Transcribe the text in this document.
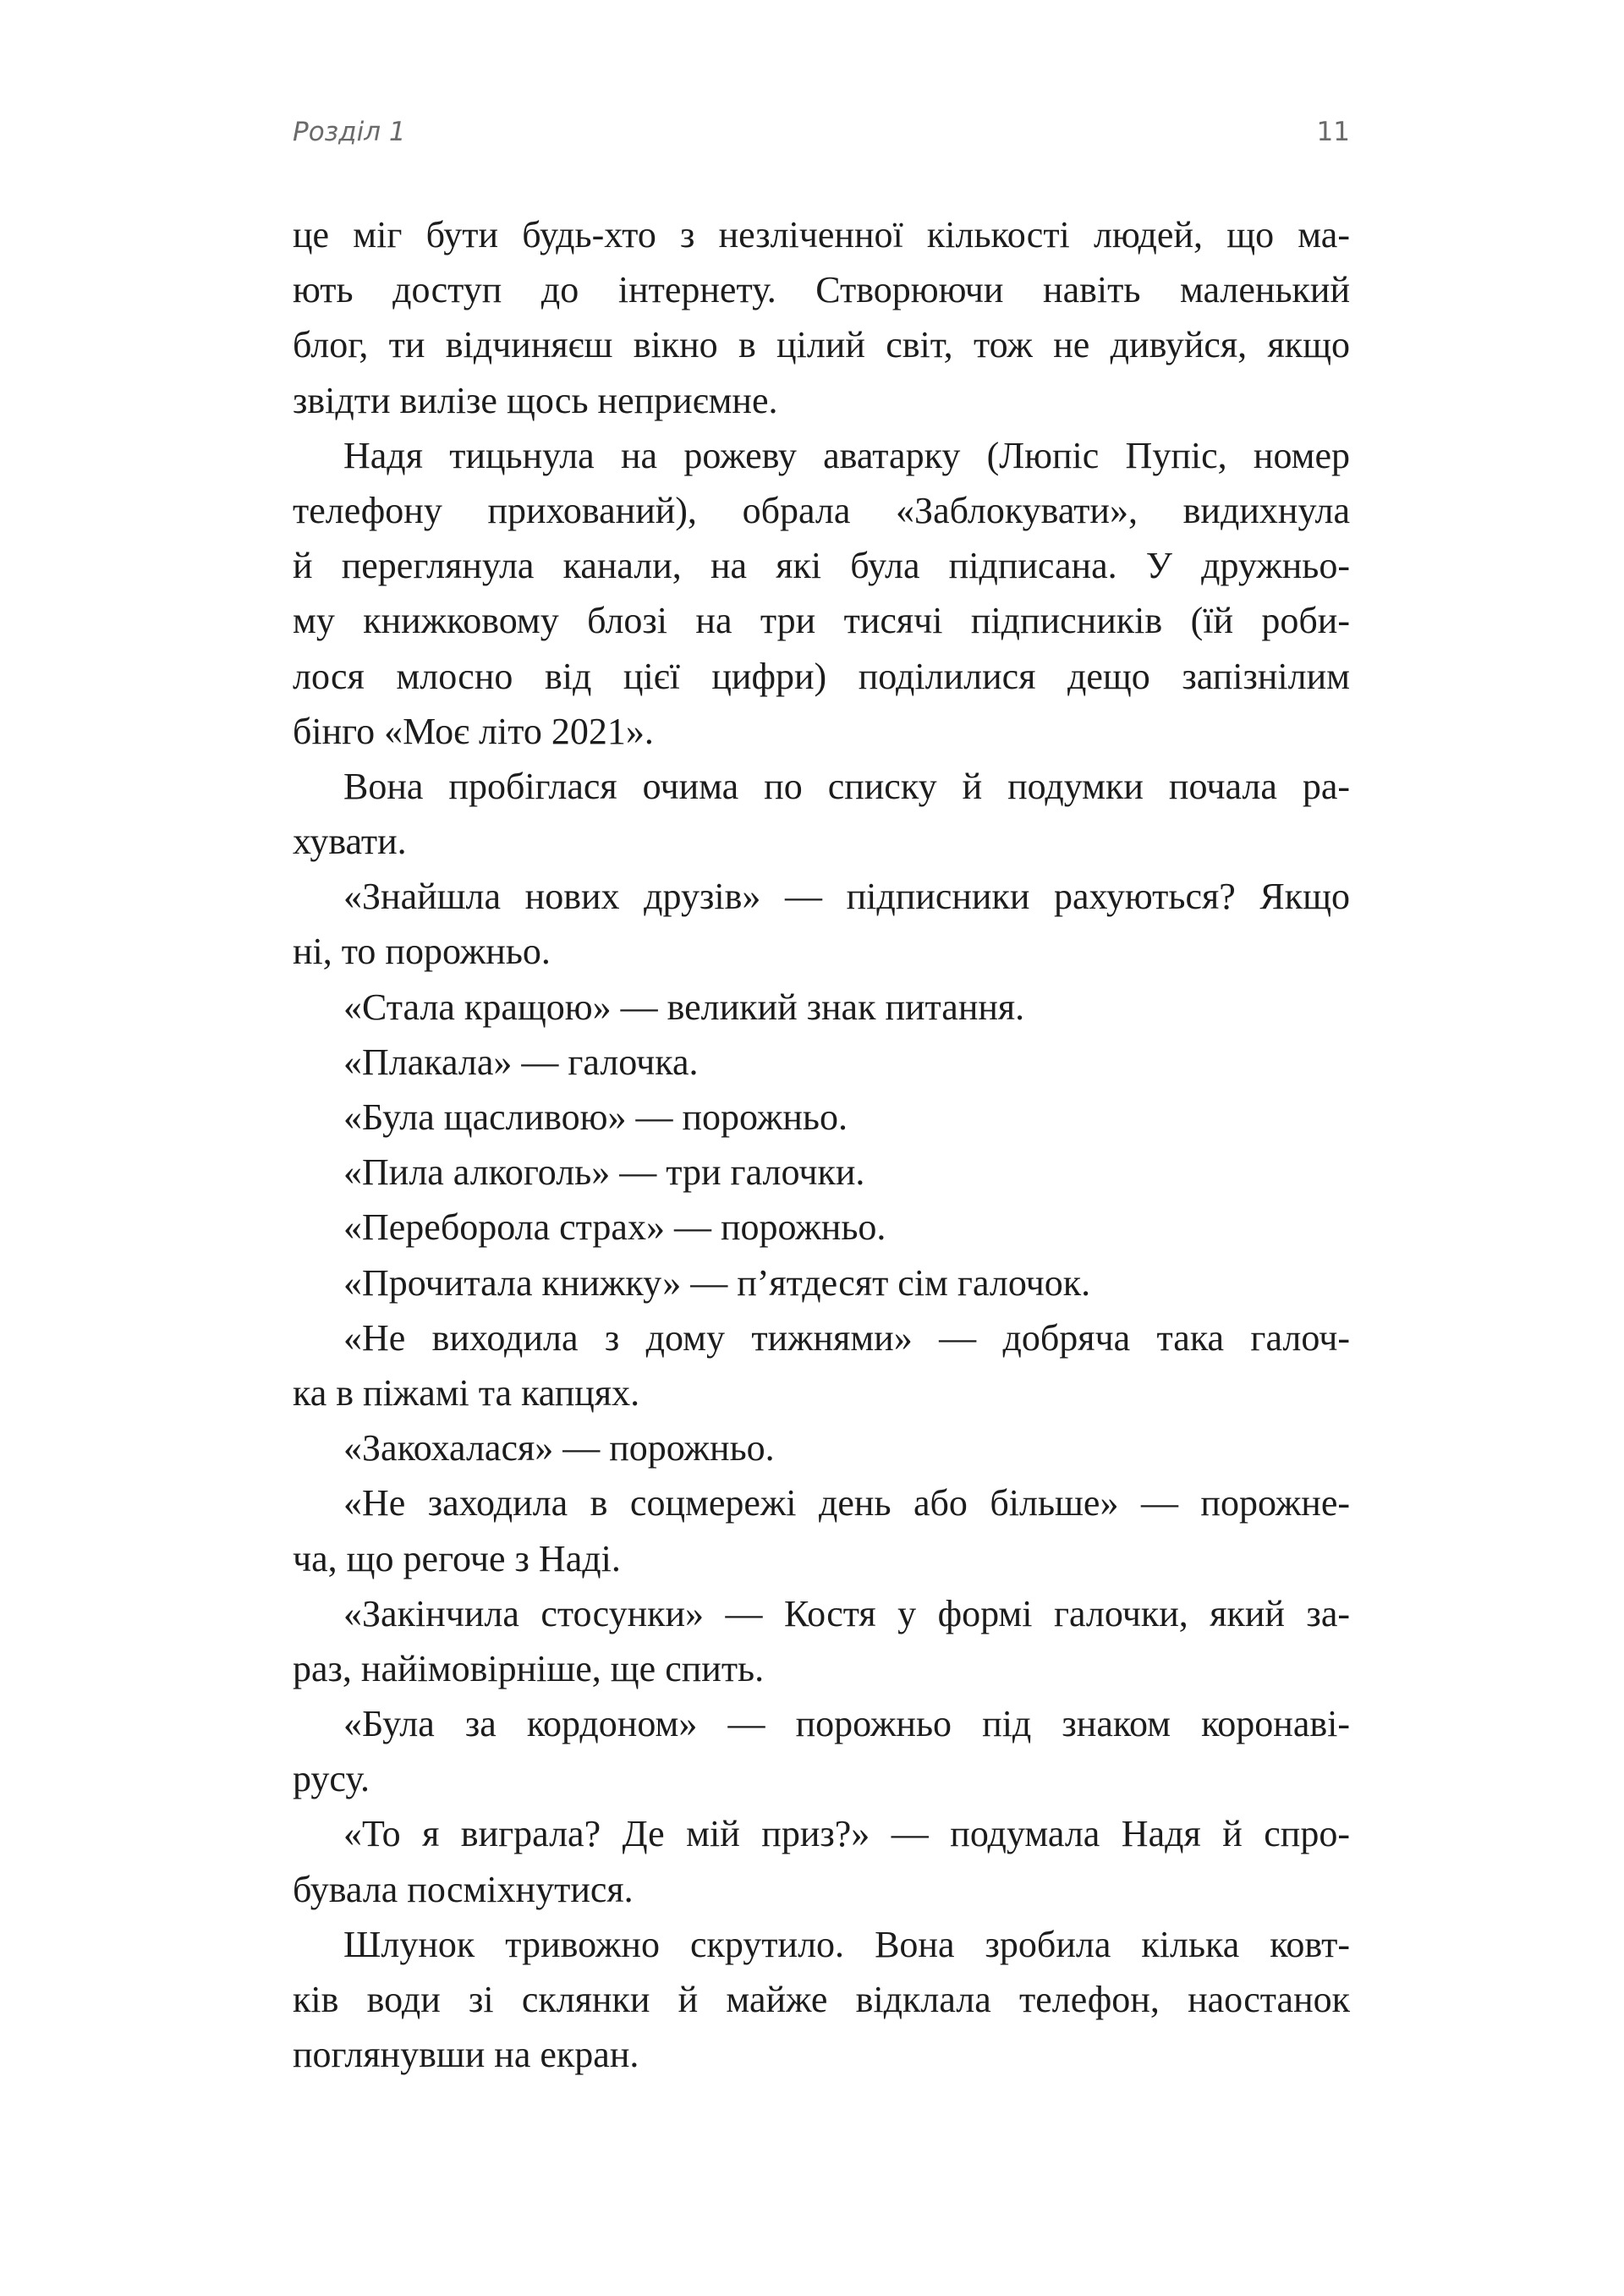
Розділ 1	11
це міг бути будь-хто з незліченної кількості людей, що ма-
ють доступ до інтернету. Створюючи навіть маленький
блог, ти відчиняєш вікно в цілий світ, тож не дивуйся, якщо
звідти вилізе щось неприємне.
Надя тицьнула на рожеву аватарку (Люпіс Пупіс, номер
телефону прихований), обрала «Заблокувати», видихнула
й переглянула канали, на які була підписана. У дружньо-
му книжковому блозі на три тисячі підписників (їй роби-
лося млосно від цієї цифри) поділилися дещо запізнілим
бінго «Моє літо 2021».
Вона пробіглася очима по списку й подумки почала ра-
хувати.
«Знайшла нових друзів» — підписники рахуються? Якщо
ні, то порожньо.
«Стала кращою» — великий знак питання.
«Плакала» — галочка.
«Була щасливою» — порожньо.
«Пила алкоголь» — три галочки.
«Переборола страх» — порожньо.
«Прочитала книжку» — п’ятдесят сім галочок.
«Не виходила з дому тижнями» — добряча така галоч-
ка в піжамі та капцях.
«Закохалася» — порожньо.
«Не заходила в соцмережі день або більше» — порожне-
ча, що регоче з Наді.
«Закінчила стосунки» — Костя у формі галочки, який за-
раз, найімовірніше, ще спить.
«Була за кордоном» — порожньо під знаком коронаві-
русу.
«То я виграла? Де мій приз?» — подумала Надя й спро-
бувала посміхнутися.
Шлунок тривожно скрутило. Вона зробила кілька ковт-
ків води зі склянки й майже відклала телефон, наостанок
поглянувши на екран.
